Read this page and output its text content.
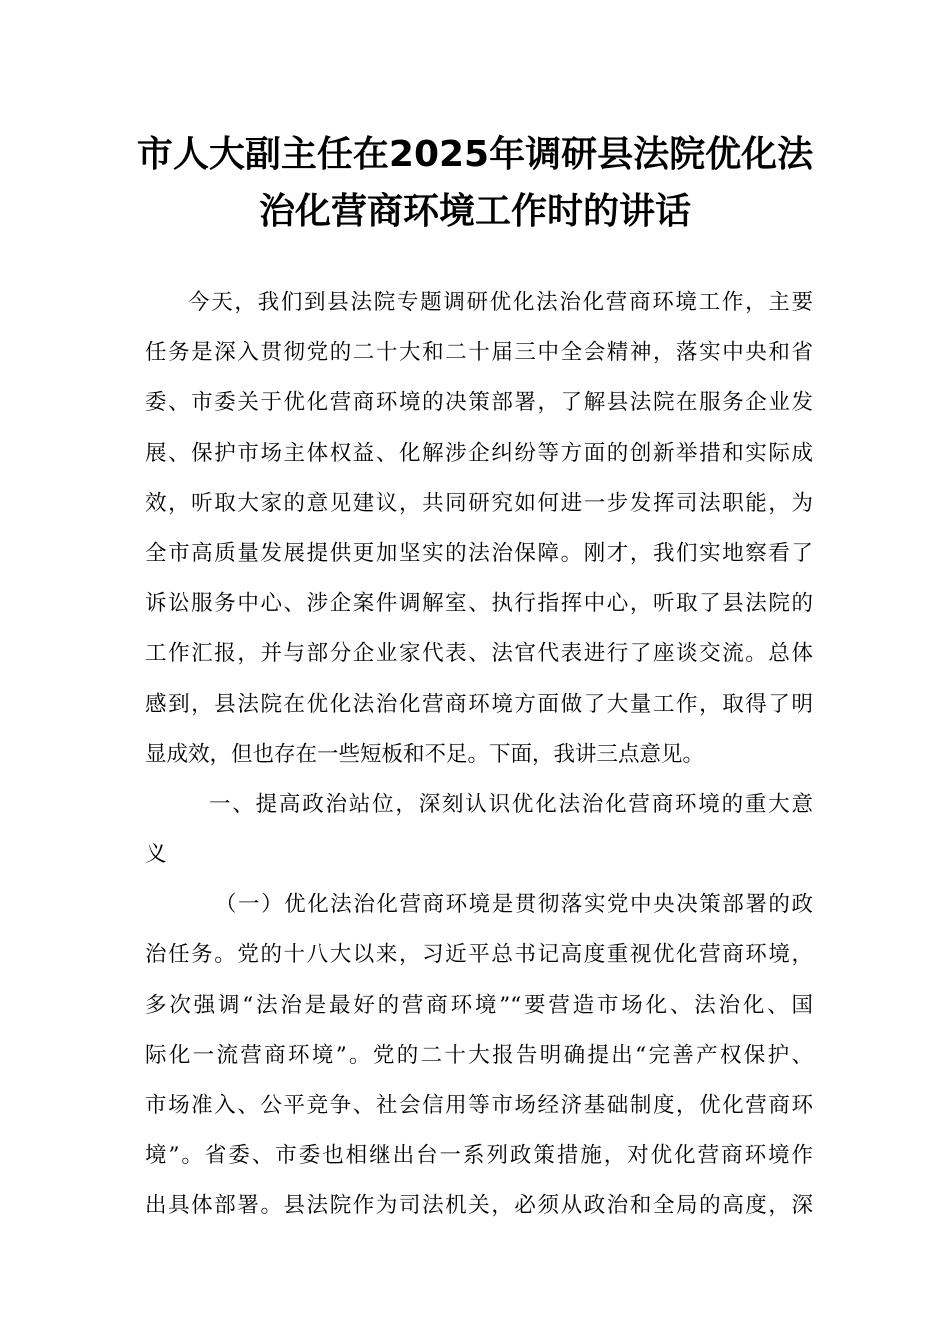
市人大副主任在2025年调研县法院优化法
治化营商环境工作时的讲话
今天，我们到县法院专题调研优化法治化营商环境工作，主要
任务是深入贯彻党的二十大和二十届三中全会精神，落实中央和省
委、市委关于优化营商环境的决策部署，了解县法院在服务企业发
展、保护市场主体权益、化解涉企纠纷等方面的创新举措和实际成
效，听取大家的意见建议，共同研究如何进一步发挥司法职能，为
全市高质量发展提供更加坚实的法治保障。刚才，我们实地察看了
诉讼服务中心、涉企案件调解室、执行指挥中心，听取了县法院的
工作汇报，并与部分企业家代表、法官代表进行了座谈交流。总体
感到，县法院在优化法治化营商环境方面做了大量工作，取得了明
显成效，但也存在一些短板和不足。下面，我讲三点意见。
一、提高政治站位，深刻认识优化法治化营商环境的重大意
义
（一）优化法治化营商环境是贯彻落实党中央决策部署的政
治任务。党的十八大以来，习近平总书记高度重视优化营商环境，
多次强调“法治是最好的营商环境”“要营造市场化、法治化、国
际化一流营商环境”。党的二十大报告明确提出“完善产权保护、
市场准入、公平竞争、社会信用等市场经济基础制度，优化营商环
境”。省委、市委也相继出台一系列政策措施，对优化营商环境作
出具体部署。县法院作为司法机关，必须从政治和全局的高度，深
